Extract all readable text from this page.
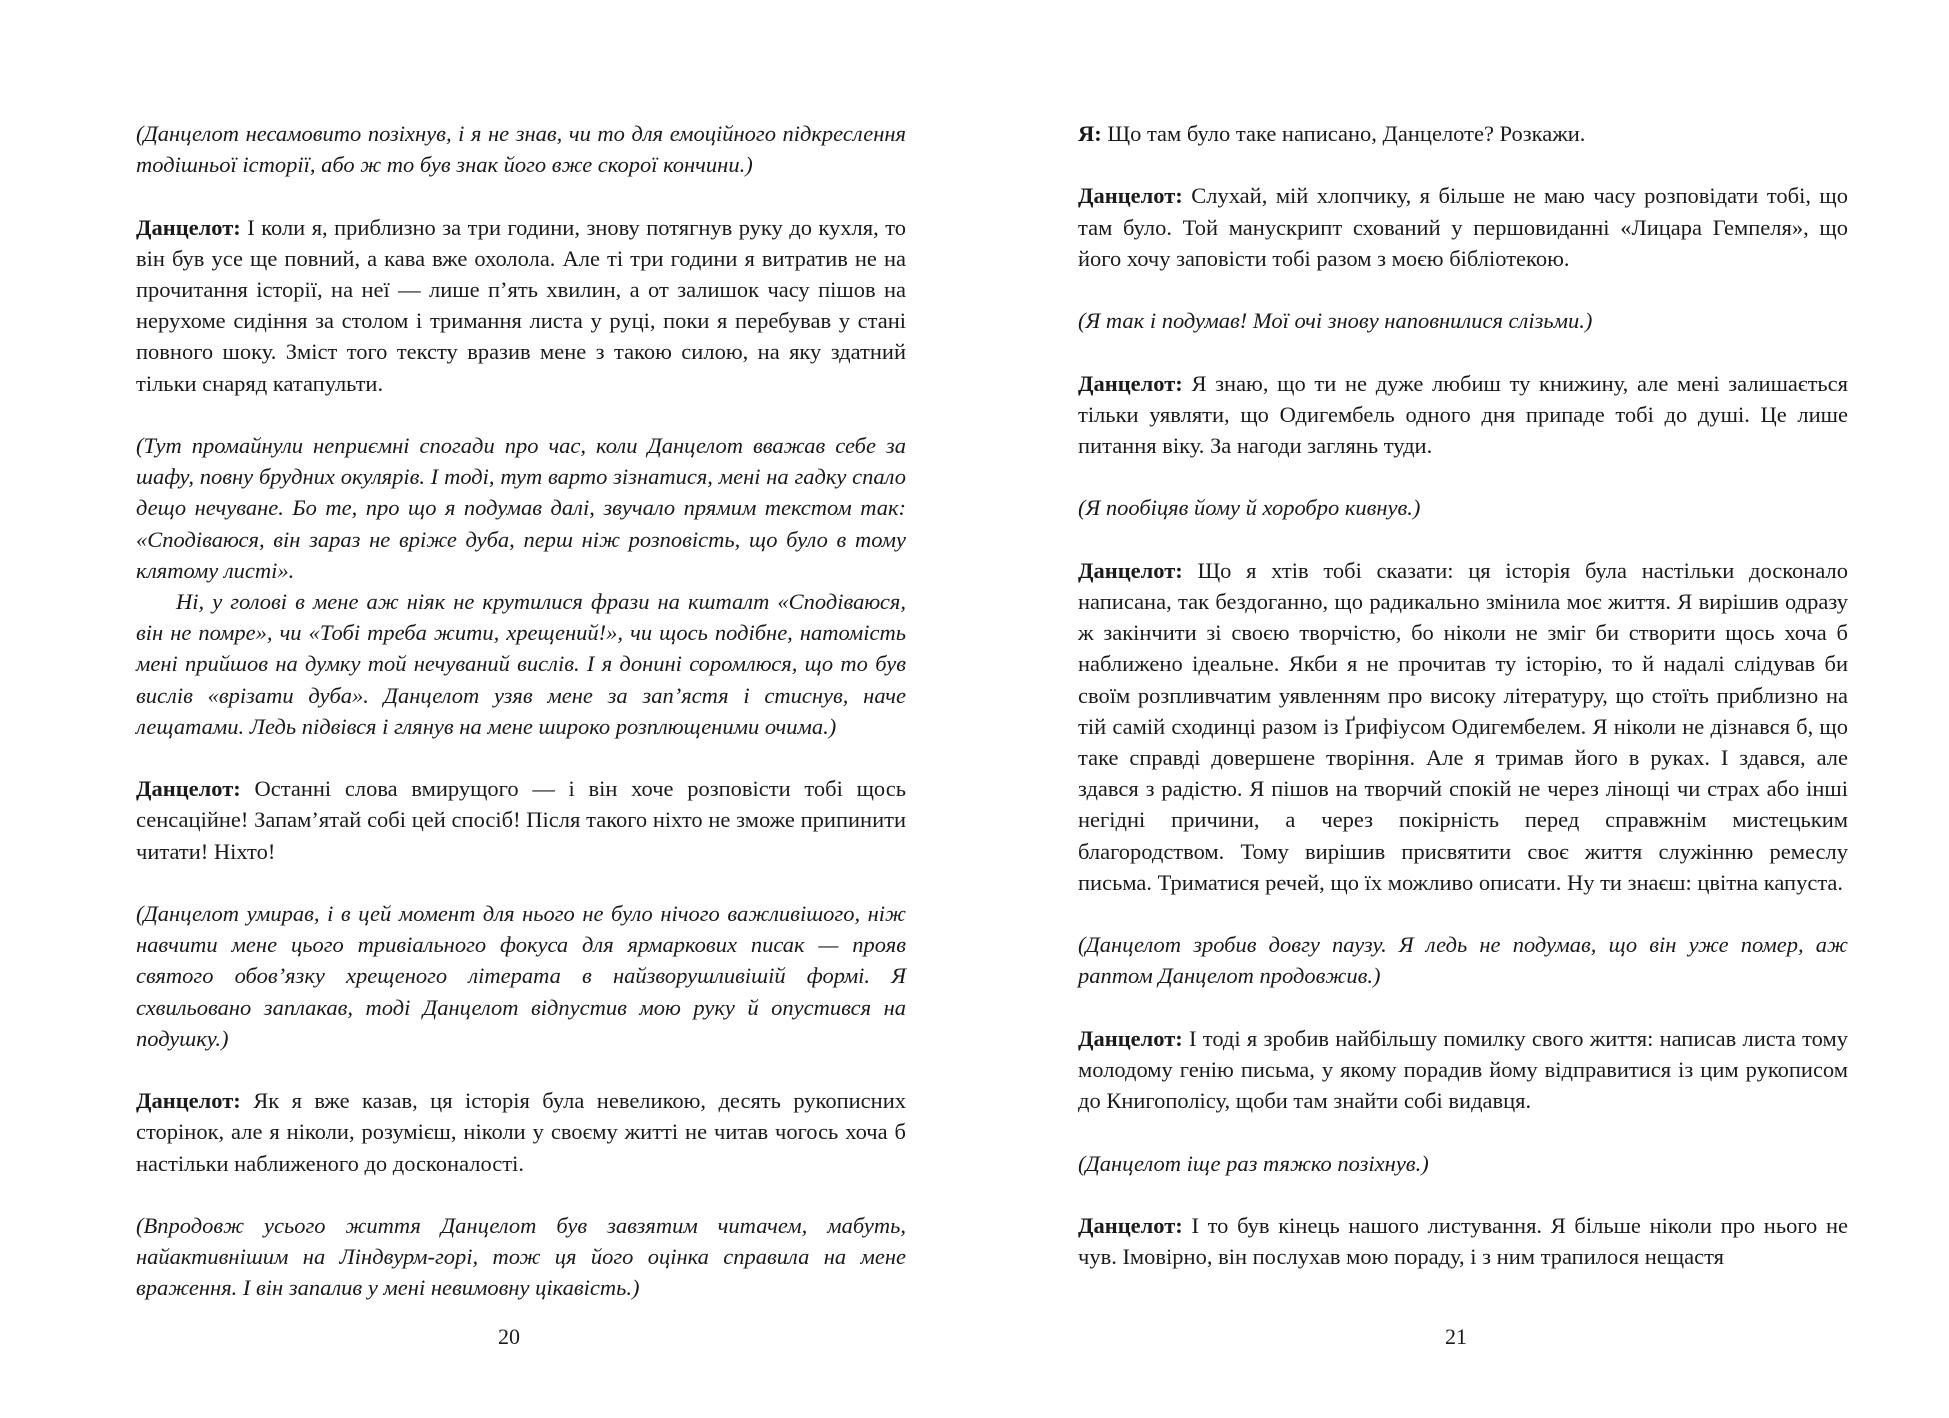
(Данцелот несамовито позіхнув, і я не знав, чи то для емоційного підкреслення тодішньої історії, або ж то був знак його вже скорої кончини.)

Данцелот: І коли я, приблизно за три години, знову потягнув руку до кухля, то він був усе ще повний, а кава вже охолола. Але ті три години я витратив не на прочитання історії, на неї — лише п’ять хвилин, а от залишок часу пішов на нерухоме сидіння за столом і тримання листа у руці, поки я перебував у стані повного шоку. Зміст того тексту вразив мене з такою силою, на яку здатний тільки снаряд катапульти.

(Тут промайнули неприємні спогади про час, коли Данцелот вважав себе за шафу, повну брудних окулярів. І тоді, тут варто зізнатися, мені на гадку спало дещо нечуване. Бо те, про що я подумав далі, звучало прямим текстом так: «Сподіваюся, він зараз не вріже дуба, перш ніж розповість, що було в тому клятому листі».

Ні, у голові в мене аж ніяк не крутилися фрази на кшталт «Сподіваюся, він не помре», чи «Тобі треба жити, хрещений!», чи щось подібне, натомість мені прийшов на думку той нечуваний вислів. І я донині соромлюся, що то був вислів «врізати дуба». Данцелот узяв мене за зап’ястя і стиснув, наче лещатами. Ледь підвівся і глянув на мене широко розплющеними очима.)

Данцелот: Останні слова вмирущого — і він хоче розповісти тобі щось сенсаційне! Запам’ятай собі цей спосіб! Після такого ніхто не зможе припинити читати! Ніхто!

(Данцелот умирав, і в цей момент для нього не було нічого важливішого, ніж навчити мене цього тривіального фокуса для ярмаркових писак — прояв святого обов’язку хрещеного літерата в найзворушливішій формі. Я схвильовано заплакав, тоді Данцелот відпустив мою руку й опустився на подушку.)

Данцелот: Як я вже казав, ця історія була невеликою, десять рукописних сторінок, але я ніколи, розумієш, ніколи у своєму житті не читав чогось хоча б настільки наближеного до досконалості.

(Впродовж усього життя Данцелот був завзятим читачем, мабуть, найактивнішим на Ліндвурм-горі, тож ця його оцінка справила на мене враження. І він запалив у мені невимовну цікавість.)

20

Я: Що там було таке написано, Данцелоте? Розкажи.

Данцелот: Слухай, мій хлопчику, я більше не маю часу розповідати тобі, що там було. Той манускрипт схований у першовиданні «Лицара Гемпеля», що його хочу заповісти тобі разом з моєю бібліотекою.

(Я так і подумав! Мої очі знову наповнилися слізьми.)

Данцелот: Я знаю, що ти не дуже любиш ту книжину, але мені залишається тільки уявляти, що Одигембель одного дня припаде тобі до душі. Це лише питання віку. За нагоди заглянь туди.

(Я пообіцяв йому й хоробро кивнув.)

Данцелот: Що я хтів тобі сказати: ця історія була настільки досконало написана, так бездоганно, що радикально змінила моє життя. Я вирішив одразу ж закінчити зі своєю творчістю, бо ніколи не зміг би створити щось хоча б наближено ідеальне. Якби я не прочитав ту історію, то й надалі слідував би своїм розпливчатим уявленням про високу літературу, що стоїть приблизно на тій самій сходинці разом із Ґрифіусом Одигембелем. Я ніколи не дізнався б, що таке справді довершене творіння. Але я тримав його в руках. І здався, але здався з радістю. Я пішов на творчий спокій не через лінощі чи страх або інші негідні причини, а через покірність перед справжнім мистецьким благородством. Тому вирішив присвятити своє життя служінню ремеслу письма. Триматися речей, що їх можливо описати. Ну ти знаєш: цвітна капуста.

(Данцелот зробив довгу паузу. Я ледь не подумав, що він уже помер, аж раптом Данцелот продовжив.)

Данцелот: І тоді я зробив найбільшу помилку свого життя: написав листа тому молодому генію письма, у якому порадив йому відправитися із цим рукописом до Книгополісу, щоби там знайти собі видавця.

(Данцелот іще раз тяжко позіхнув.)

Данцелот: І то був кінець нашого листування. Я більше ніколи про нього не чув. Імовірно, він послухав мою пораду, і з ним трапилося нещастя

21
